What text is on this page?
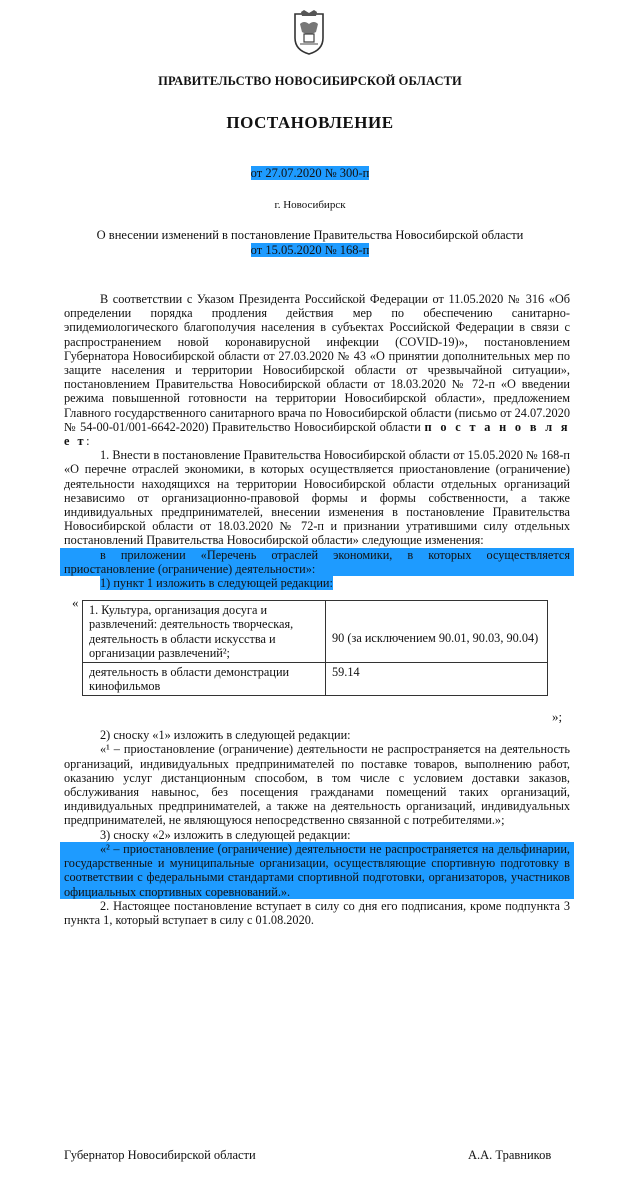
ПРАВИТЕЛЬСТВО НОВОСИБИРСКОЙ ОБЛАСТИ
ПОСТАНОВЛЕНИЕ
от 27.07.2020 № 300-п
г. Новосибирск
О внесении изменений в постановление Правительства Новосибирской области
от 15.05.2020 № 168-п

В соответствии с Указом Президента Российской Федерации от 11.05.2020 № 316 «Об определении порядка продления действия мер по обеспечению санитарно-эпидемиологического благополучия населения в субъектах Российской Федерации в связи с распространением новой коронавирусной инфекции (COVID-19)», постановлением Губернатора Новосибирской области от 27.03.2020 № 43 «О принятии дополнительных мер по защите населения и территории Новосибирской области от чрезвычайной ситуации», постановлением Правительства Новосибирской области от 18.03.2020 № 72-п «О введении режима повышенной готовности на территории Новосибирской области», предложением Главного государственного санитарного врача по Новосибирской области (письмо от 24.07.2020 № 54-00-01/001-6642-2020) Правительство Новосибирской области п о с т а н о в л я е т:

1. Внести в постановление Правительства Новосибирской области от 15.05.2020 № 168-п «О перечне отраслей экономики, в которых осуществляется приостановление (ограничение) деятельности находящихся на территории Новосибирской области отдельных организаций независимо от организационно-правовой формы и формы собственности, а также индивидуальных предпринимателей, внесении изменения в постановление Правительства Новосибирской области от 18.03.2020 № 72-п и признании утратившими силу отдельных постановлений Правительства Новосибирской области» следующие изменения:

в приложении «Перечень отраслей экономики, в которых осуществляется приостановление (ограничение) деятельности»:

1) пункт 1 изложить в следующей редакции:

« 1. Культура, организация досуга и развлечений: деятельность творческая, деятельность в области искусства и организации развлечений²;	90 (за исключением 90.01, 90.03, 90.04)
деятельность в области демонстрации кинофильмов	59.14
»;

2) сноску «1» изложить в следующей редакции:

«¹ – приостановление (ограничение) деятельности не распространяется на деятельность организаций, индивидуальных предпринимателей по поставке товаров, выполнению работ, оказанию услуг дистанционным способом, в том числе с условием доставки заказов, обслуживания навынос, без посещения гражданами помещений таких организаций, индивидуальных предпринимателей, а также на деятельность организаций, индивидуальных предпринимателей, не являющуюся непосредственно связанной с потребителями.»;

3) сноску «2» изложить в следующей редакции:

«² – приостановление (ограничение) деятельности не распространяется на дельфинарии, государственные и муниципальные организации, осуществляющие спортивную подготовку в соответствии с федеральными стандартами спортивной подготовки, организаторов, участников официальных спортивных соревнований.».

2. Настоящее постановление вступает в силу со дня его подписания, кроме подпункта 3 пункта 1, который вступает в силу с 01.08.2020.

Губернатор Новосибирской области	А.А. Травников
